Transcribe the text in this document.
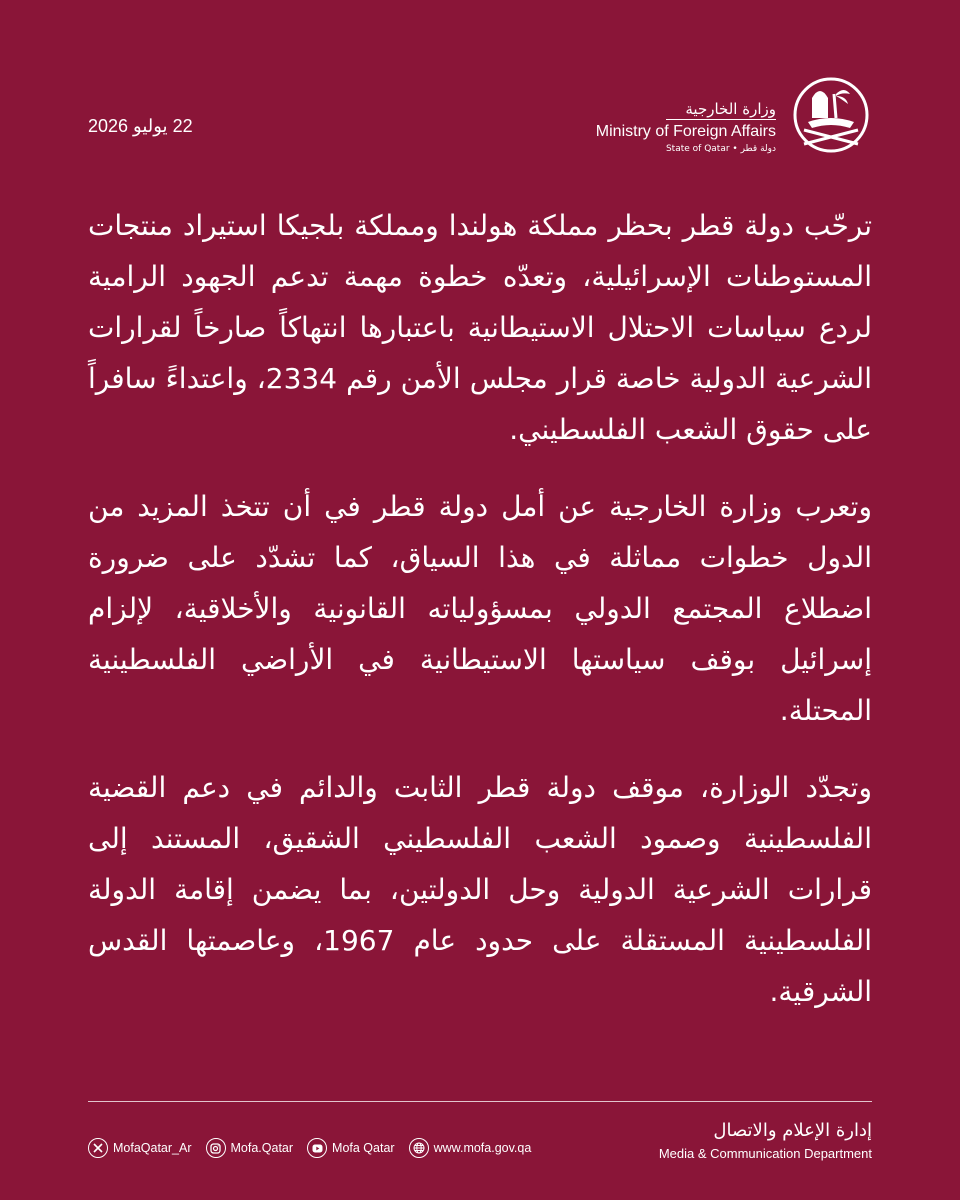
22 يوليو 2026
وزارة الخارجية
Ministry of Foreign Affairs
State of Qatar • دولة قطر

ترحّب دولة قطر بحظر مملكة هولندا ومملكة بلجيكا استيراد منتجات المستوطنات الإسرائيلية، وتعدّه خطوة مهمة تدعم الجهود الرامية لردع سياسات الاحتلال الاستيطانية باعتبارها انتهاكاً صارخاً لقرارات الشرعية الدولية خاصة قرار مجلس الأمن رقم 2334، واعتداءً سافراً على حقوق الشعب الفلسطيني.

وتعرب وزارة الخارجية عن أمل دولة قطر في أن تتخذ المزيد من الدول خطوات مماثلة في هذا السياق، كما تشدّد على ضرورة اضطلاع المجتمع الدولي بمسؤولياته القانونية والأخلاقية، لإلزام إسرائيل بوقف سياستها الاستيطانية في الأراضي الفلسطينية المحتلة.

وتجدّد الوزارة، موقف دولة قطر الثابت والدائم في دعم القضية الفلسطينية وصمود الشعب الفلسطيني الشقيق، المستند إلى قرارات الشرعية الدولية وحل الدولتين، بما يضمن إقامة الدولة الفلسطينية المستقلة على حدود عام 1967، وعاصمتها القدس الشرقية.

إدارة الإعلام والاتصال
Media & Communication Department
MofaQatar_Ar	Mofa.Qatar	Mofa Qatar	www.mofa.gov.qa
